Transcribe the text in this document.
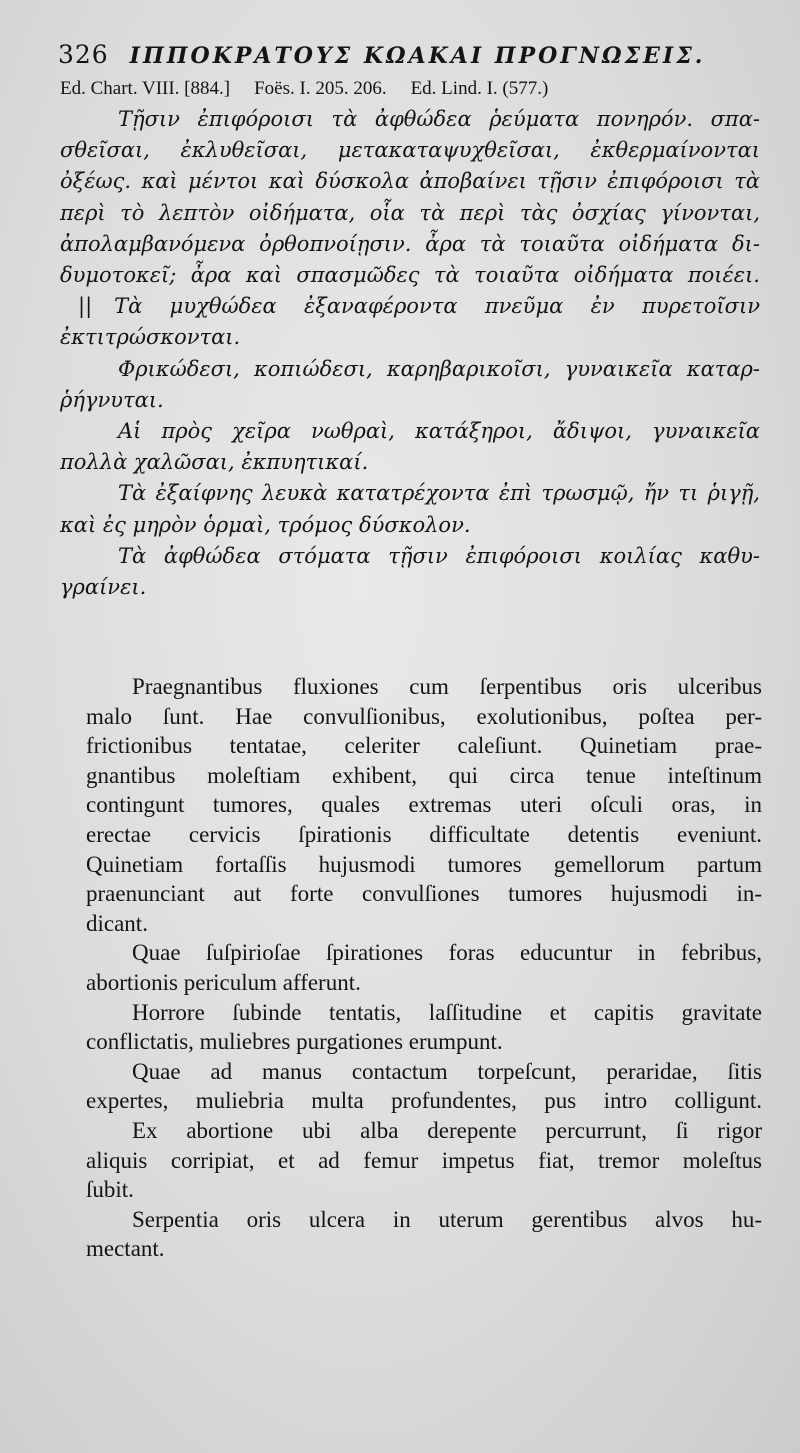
326 ΙΠΠΟΚΡΑΤΟΥΣ ΚΩΑΚΑΙ ΠΡΟΓΝΩΣΕΙΣ.
Ed. Chart. VIII. [884.] Foës. I. 205. 206. Ed. Lind. I. (577.)
Τῇσιν ἐπιφόροισι τὰ ἀφθώδεα ῥεύματα πονηρόν. σπα-
σθεῖσαι, ἐκλυθεῖσαι, μετακαταψυχθεῖσαι, ἐκθερμαίνονται
ὀξέως. καὶ μέντοι καὶ δύσκολα ἀποβαίνει τῇσιν ἐπιφόροισι τὰ
περὶ τὸ λεπτὸν οἰδήματα, οἷα τὰ περὶ τὰς ὀσχίας γίνονται,
ἀπολαμβανόμενα ὀρθοπνοίῃσιν. ἆρα τὰ τοιαῦτα οἰδήματα δι-
δυμοτοκεῖ; ἆρα καὶ σπασμῶδες τὰ τοιαῦτα οἰδήματα ποιέει.
|| Τὰ μυχθώδεα ἐξαναφέροντα πνεῦμα ἐν πυρετοῖσιν
ἐκτιτρώσκονται.
Φρικώδεσι, κοπιώδεσι, καρηβαρικοῖσι, γυναικεῖα καταρ-
ῥήγνυται.
Αἱ πρὸς χεῖρα νωθραὶ, κατάξηροι, ἄδιψοι, γυναικεῖα
πολλὰ χαλῶσαι, ἐκπυητικαί.
Τὰ ἐξαίφνης λευκὰ κατατρέχοντα ἐπὶ τρωσμῷ, ἤν τι ῥιγῇ,
καὶ ἐς μηρὸν ὁρμαὶ, τρόμος δύσκολον.
Τὰ ἀφθώδεα στόματα τῇσιν ἐπιφόροισι κοιλίας καθυ-
γραίνει.
Praegnantibus fluxiones cum ſerpentibus oris ulceribus
malo ſunt. Hae convulſionibus, exolutionibus, poſtea per-
frictionibus tentatae, celeriter caleſiunt. Quinetiam prae-
gnantibus moleſtiam exhibent, qui circa tenue inteſtinum
contingunt tumores, quales extremas uteri oſculi oras, in
erectae cervicis ſpirationis difficultate detentis eveniunt.
Quinetiam fortaſſis hujusmodi tumores gemellorum partum
praenunciant aut forte convulſiones tumores hujusmodi in-
dicant.
Quae ſuſpirioſae ſpirationes foras educuntur in febribus,
abortionis periculum afferunt.
Horrore ſubinde tentatis, laſſitudine et capitis gravitate
conflictatis, muliebres purgationes erumpunt.
Quae ad manus contactum torpeſcunt, peraridae, ſitis
expertes, muliebria multa profundentes, pus intro colligunt.
Ex abortione ubi alba derepente percurrunt, ſi rigor
aliquis corripiat, et ad femur impetus fiat, tremor moleſtus
ſubit.
Serpentia oris ulcera in uterum gerentibus alvos hu-
mectant.
